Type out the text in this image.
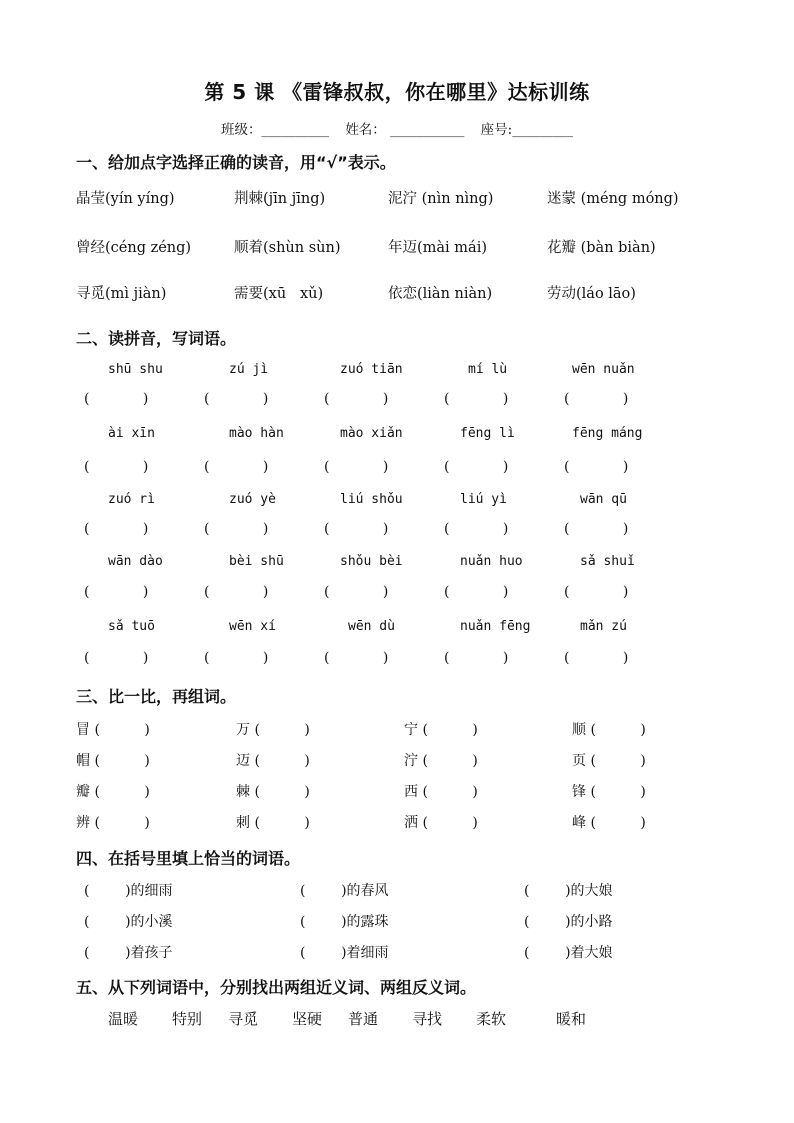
第 5 课 《雷锋叔叔，你在哪里》达标训练
班级：__________ 姓名： ___________ 座号:_________
一、给加点字选择正确的读音，用“√”表示。
晶莹(yín yíng)	荆棘(jīn jīng)	泥泞 (nìn nìng)	迷蒙 (méng móng)
曾经(céng zéng)	顺着(shùn sùn)	年迈(mài mái)	花瓣 (bàn biàn)
寻觅(mì jiàn)	需要(xū   xǔ)	依恋(liàn niàn)	劳动(láo lāo)
二、读拼音，写词语。
shū shu	zú jì	zuó tiān	mí lù	wēn nuǎn
(            )	(            )	(            )	(            )	(            )
ài xīn	mào hàn	mào xiǎn	fēng lì	fēng máng
(            )	(            )	(            )	(            )	(            )
zuó rì	zuó yè	liú shǒu	liú yì	wān qū
(            )	(            )	(            )	(            )	(            )
wān dào	bèi shū	shǒu bèi	nuǎn huo	sǎ shuǐ
(            )	(            )	(            )	(            )	(            )
sǎ tuō	wēn xí	wēn dù	nuǎn fēng	mǎn zú
(            )	(            )	(            )	(            )	(            )
三、比一比，再组词。
冒 (          )	万 (          )	宁 (          )	顺 (          )
帽 (          )	迈 (          )	泞 (          )	页 (          )
瓣 (          )	棘 (          )	西 (          )	锋 (          )
辨 (          )	刺 (          )	洒 (          )	峰 (          )
四、在括号里填上恰当的词语。
(        )的细雨	(        )的春风	(        )的大娘
(        )的小溪	(        )的露珠	(        )的小路
(        )着孩子	(        )着细雨	(        )着大娘
五、从下列词语中，分别找出两组近义词、两组反义词。
温暖 特别 寻觅 坚硬 普通 寻找 柔软	暖和
